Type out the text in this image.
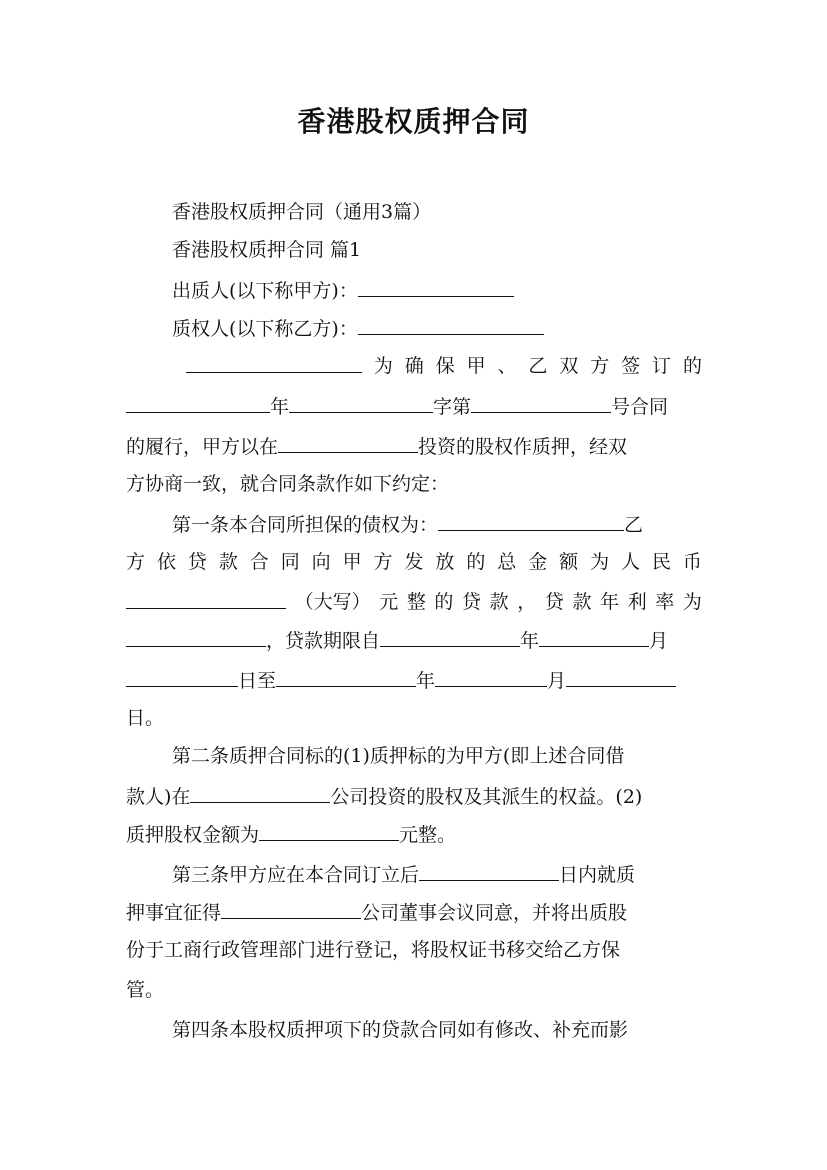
香港股权质押合同
香港股权质押合同（通用3篇）
香港股权质押合同 篇1
出质人(以下称甲方)：
质权人(以下称乙方)：
为 确 保 甲 、 乙 双 方 签 订 的
年	字第	号合同
的履行，甲方以在	投资的股权作质押，经双
方协商一致，就合同条款作如下约定：
第一条本合同所担保的债权为：	乙
方 依 贷 款 合 同 向 甲 方 发 放 的 总 金 额 为 人 民 币
（大写） 元 整 的 贷 款 ， 贷 款 年 利 率 为
，贷款期限自	年	月
日至	年	月
日。
第二条质押合同标的(1)质押标的为甲方(即上述合同借
款人)在	公司投资的股权及其派生的权益。(2)
质押股权金额为	元整。
第三条甲方应在本合同订立后	日内就质
押事宜征得	公司董事会议同意，并将出质股
份于工商行政管理部门进行登记，将股权证书移交给乙方保
管。
第四条本股权质押项下的贷款合同如有修改、补充而影
